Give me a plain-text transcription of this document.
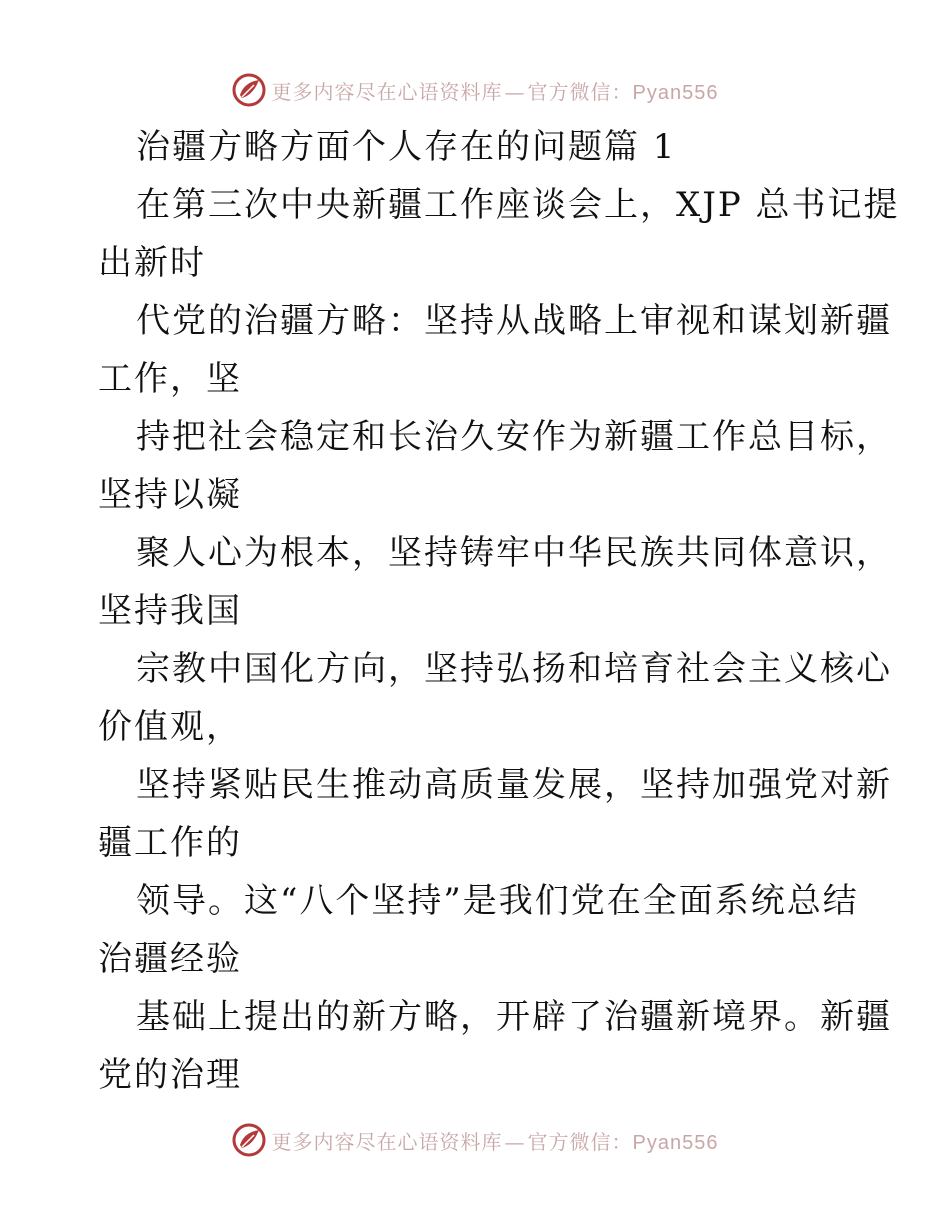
更多内容尽在心语资料库 — 官方微信：Pyan556
治疆方略方面个人存在的问题篇 1
在第三次中央新疆工作座谈会上，XJP 总书记提
出新时
代党的治疆方略：坚持从战略上审视和谋划新疆
工作，坚
持把社会稳定和长治久安作为新疆工作总目标，
坚持以凝
聚人心为根本，坚持铸牢中华民族共同体意识，
坚持我国
宗教中国化方向，坚持弘扬和培育社会主义核心
价值观，
坚持紧贴民生推动高质量发展，坚持加强党对新
疆工作的
领导。这“八个坚持”是我们党在全面系统总结
治疆经验
基础上提出的新方略，开辟了治疆新境界。新疆
党的治理
更多内容尽在心语资料库 — 官方微信：Pyan556
